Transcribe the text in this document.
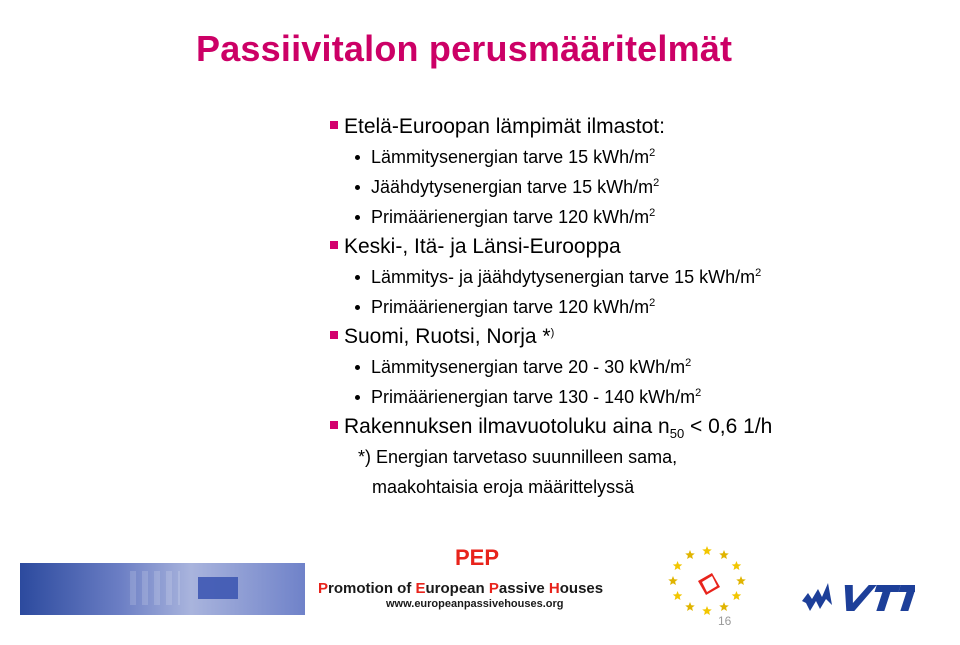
Passiivitalon perusmääritelmät
Etelä-Euroopan lämpimät ilmastot:
Lämmitysenergian tarve 15 kWh/$m^2$
Jäähdytysenergian tarve 15 kWh/$m^2$
Primäärienergian tarve 120 kWh/$m^2$
Keski-, Itä- ja Länsi-Eurooppa
Lämmitys- ja jäähdytysenergian tarve 15 kWh/$m^2$
Primäärienergian tarve 120 kWh/$m^2$
Suomi, Ruotsi, Norja *)
Lämmitysenergian tarve 20 - 30 kWh/$m^2$
Primäärienergian tarve 130 - 140 kWh/$m^2$
Rakennuksen ilmavuotoluku aina $n_{50} < 0,6$ 1/h
*) Energian tarvetaso suunnilleen sama,
maakohtaisia eroja määrittelyssä
PEP
Promotion of European Passive Houses
www.europeanpassivehouses.org
16
